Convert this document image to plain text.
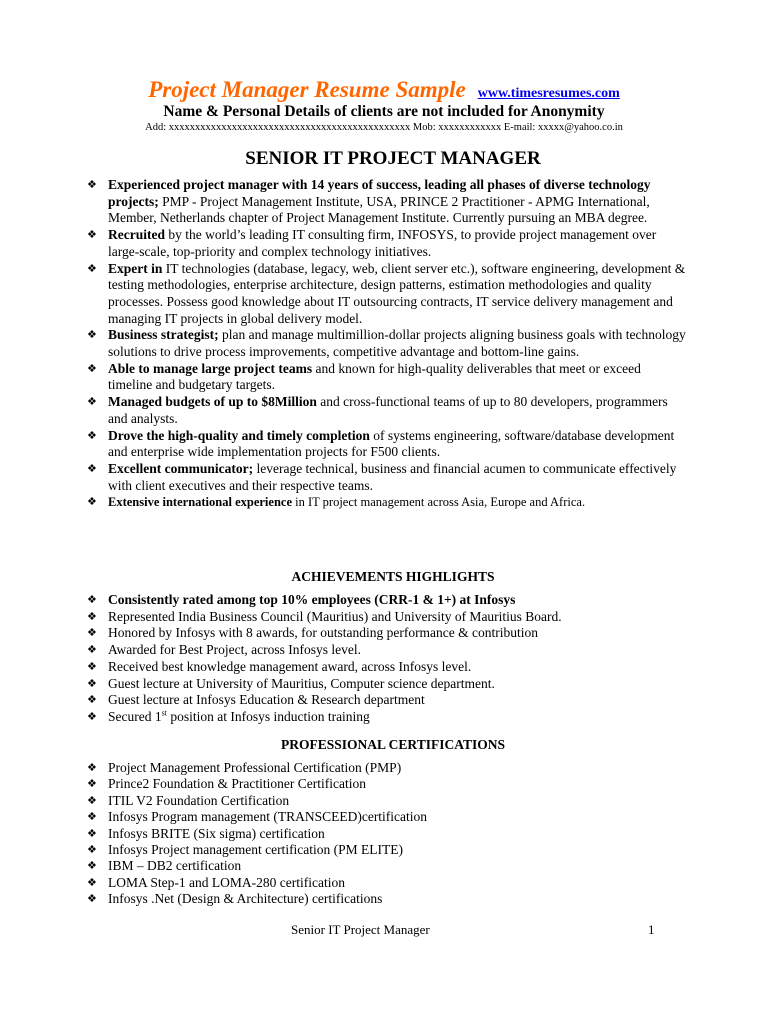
Project Manager Resume Sample www.timesresumes.com
Name & Personal Details of clients are not included for Anonymity
Add: xxxxxxxxxxxxxxxxxxxxxxxxxxxxxxxxxxxxxxxxxxxxxx Mob: xxxxxxxxxxxx E-mail: xxxxx@yahoo.co.in
SENIOR IT PROJECT MANAGER
❖ Experienced project manager with 14 years of success, leading all phases of diverse technology projects; PMP - Project Management Institute, USA, PRINCE 2 Practitioner - APMG International, Member, Netherlands chapter of Project Management Institute. Currently pursuing an MBA degree.
❖ Recruited by the world’s leading IT consulting firm, INFOSYS, to provide project management over large-scale, top-priority and complex technology initiatives.
❖ Expert in IT technologies (database, legacy, web, client server etc.), software engineering, development & testing methodologies, enterprise architecture, design patterns, estimation methodologies and quality processes. Possess good knowledge about IT outsourcing contracts, IT service delivery management and managing IT projects in global delivery model.
❖ Business strategist; plan and manage multimillion-dollar projects aligning business goals with technology solutions to drive process improvements, competitive advantage and bottom-line gains.
❖ Able to manage large project teams and known for high-quality deliverables that meet or exceed timeline and budgetary targets.
❖ Managed budgets of up to $8Million and cross-functional teams of up to 80 developers, programmers and analysts.
❖ Drove the high-quality and timely completion of systems engineering, software/database development and enterprise wide implementation projects for F500 clients.
❖ Excellent communicator; leverage technical, business and financial acumen to communicate effectively with client executives and their respective teams.
❖ Extensive international experience in IT project management across Asia, Europe and Africa.
ACHIEVEMENTS HIGHLIGHTS
❖ Consistently rated among top 10% employees (CRR-1 & 1+) at Infosys
❖ Represented India Business Council (Mauritius) and University of Mauritius Board.
❖ Honored by Infosys with 8 awards, for outstanding performance & contribution
❖ Awarded for Best Project, across Infosys level.
❖ Received best knowledge management award, across Infosys level.
❖ Guest lecture at University of Mauritius, Computer science department.
❖ Guest lecture at Infosys Education & Research department
❖ Secured 1st position at Infosys induction training
PROFESSIONAL CERTIFICATIONS
❖ Project Management Professional Certification (PMP)
❖ Prince2 Foundation & Practitioner Certification
❖ ITIL V2 Foundation Certification
❖ Infosys Program management (TRANSCEED)certification
❖ Infosys BRITE (Six sigma) certification
❖ Infosys Project management certification (PM ELITE)
❖ IBM – DB2 certification
❖ LOMA Step-1 and LOMA-280 certification
❖ Infosys .Net (Design & Architecture) certifications
Senior IT Project Manager	1
